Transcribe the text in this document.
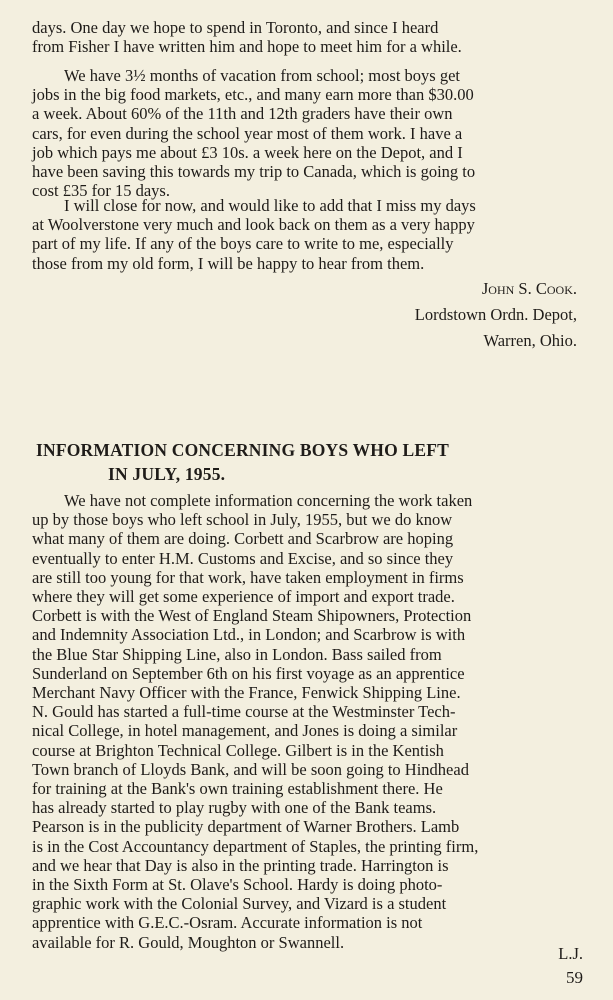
days. One day we hope to spend in Toronto, and since I heard
from Fisher I have written him and hope to meet him for a while.
We have 3½ months of vacation from school; most boys get
jobs in the big food markets, etc., and many earn more than $30.00
a week. About 60% of the 11th and 12th graders have their own
cars, for even during the school year most of them work. I have a
job which pays me about £3 10s. a week here on the Depot, and I
have been saving this towards my trip to Canada, which is going to
cost £35 for 15 days.
I will close for now, and would like to add that I miss my days
at Woolverstone very much and look back on them as a very happy
part of my life. If any of the boys care to write to me, especially
those from my old form, I will be happy to hear from them.
John S. Cook.
Lordstown Ordn. Depot,
Warren, Ohio.
INFORMATION CONCERNING BOYS WHO LEFT
IN JULY, 1955.
We have not complete information concerning the work taken
up by those boys who left school in July, 1955, but we do know
what many of them are doing. Corbett and Scarbrow are hoping
eventually to enter H.M. Customs and Excise, and so since they
are still too young for that work, have taken employment in firms
where they will get some experience of import and export trade.
Corbett is with the West of England Steam Shipowners, Protection
and Indemnity Association Ltd., in London; and Scarbrow is with
the Blue Star Shipping Line, also in London. Bass sailed from
Sunderland on September 6th on his first voyage as an apprentice
Merchant Navy Officer with the France, Fenwick Shipping Line.
N. Gould has started a full-time course at the Westminster Tech-
nical College, in hotel management, and Jones is doing a similar
course at Brighton Technical College. Gilbert is in the Kentish
Town branch of Lloyds Bank, and will be soon going to Hindhead
for training at the Bank's own training establishment there. He
has already started to play rugby with one of the Bank teams.
Pearson is in the publicity department of Warner Brothers. Lamb
is in the Cost Accountancy department of Staples, the printing firm,
and we hear that Day is also in the printing trade. Harrington is
in the Sixth Form at St. Olave's School. Hardy is doing photo-
graphic work with the Colonial Survey, and Vizard is a student
apprentice with G.E.C.-Osram. Accurate information is not
available for R. Gould, Moughton or Swannell.
L.J.
59
